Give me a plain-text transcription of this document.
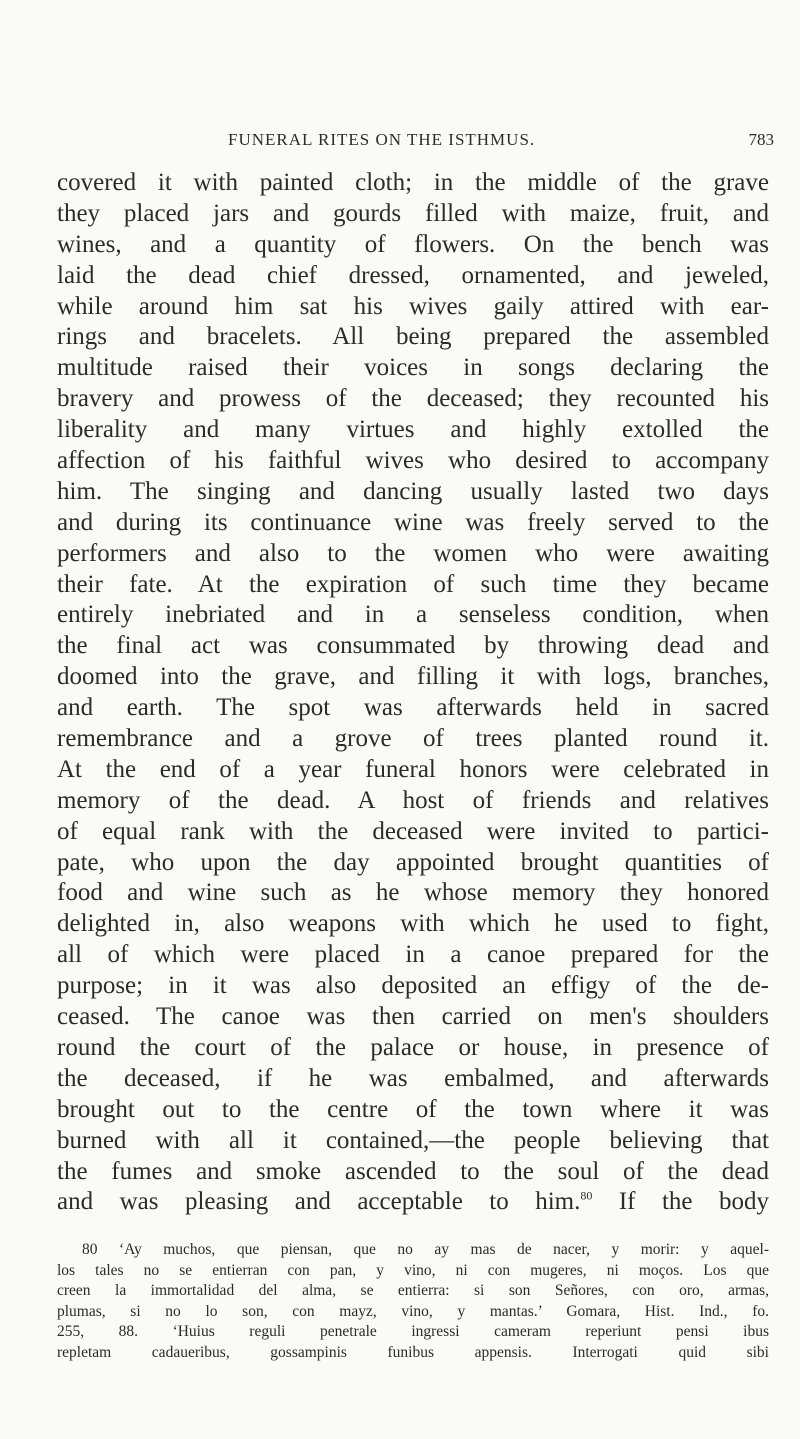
FUNERAL RITES ON THE ISTHMUS.	783
covered it with painted cloth; in the middle of the grave
they placed jars and gourds filled with maize, fruit, and
wines, and a quantity of flowers. On the bench was
laid the dead chief dressed, ornamented, and jeweled,
while around him sat his wives gaily attired with ear-
rings and bracelets. All being prepared the assembled
multitude raised their voices in songs declaring the
bravery and prowess of the deceased; they recounted his
liberality and many virtues and highly extolled the
affection of his faithful wives who desired to accompany
him. The singing and dancing usually lasted two days
and during its continuance wine was freely served to the
performers and also to the women who were awaiting
their fate. At the expiration of such time they became
entirely inebriated and in a senseless condition, when
the final act was consummated by throwing dead and
doomed into the grave, and filling it with logs, branches,
and earth. The spot was afterwards held in sacred
remembrance and a grove of trees planted round it.
At the end of a year funeral honors were celebrated in
memory of the dead. A host of friends and relatives
of equal rank with the deceased were invited to partici-
pate, who upon the day appointed brought quantities of
food and wine such as he whose memory they honored
delighted in, also weapons with which he used to fight,
all of which were placed in a canoe prepared for the
purpose; in it was also deposited an effigy of the de-
ceased. The canoe was then carried on men's shoulders
round the court of the palace or house, in presence of
the deceased, if he was embalmed, and afterwards
brought out to the centre of the town where it was
burned with all it contained,—the people believing that
the fumes and smoke ascended to the soul of the dead
and was pleasing and acceptable to him.$^{80}$ If the body
80 ‘Ay muchos, que piensan, que no ay mas de nacer, y morir: y aquel-
los tales no se entierran con pan, y vino, ni con mugeres, ni moços. Los que
creen la immortalidad del alma, se entierra: si son Señores, con oro, armas,
plumas, si no lo son, con mayz, vino, y mantas.’ Gomara, Hist. Ind., fo.
255, 88. ‘Huius reguli penetrale ingressi cameram reperiunt pensi ibus
repletam cadaueribus, gossampinis funibus appensis. Interrogati quid sibi
